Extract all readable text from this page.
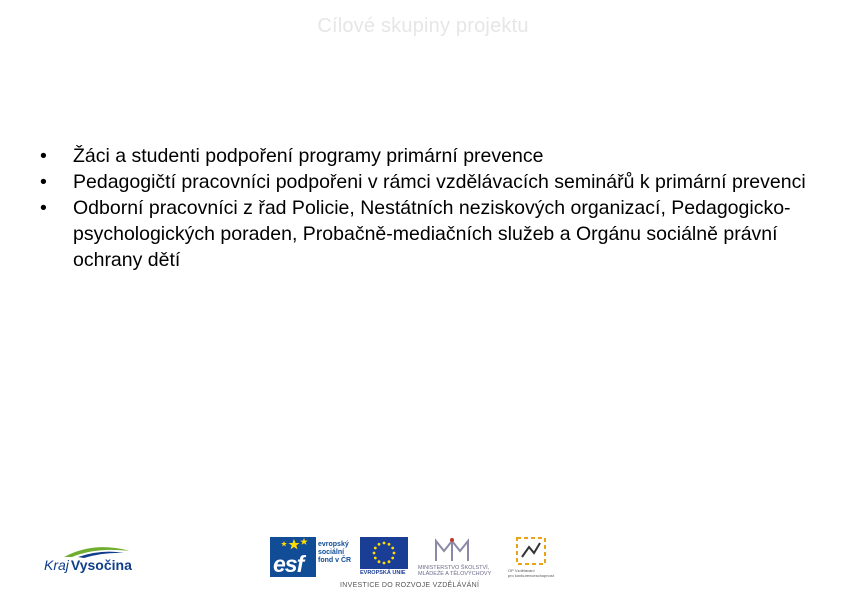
Cílové skupiny projektu
• Žáci a studenti podpoření programy primární prevence
• Pedagogičtí pracovníci podpořeni v rámci vzdělávacích seminářů k primární prevenci
• Odborní pracovníci z řad Policie, Nestátních neziskových organizací, Pedagogicko-psychologických poraden, Probačně-mediačních služeb a Orgánu sociálně právní ochrany dětí
Kraj Vysočina	esf
evropský
sociální
fond v ČR
EVROPSKÁ UNIE
MINISTERSTVO ŠKOLSTVÍ,
MLÁDEŽE A TĚLOVÝCHOVY
OP Vzdělávání
pro konkurenceschopnost
INVESTICE DO ROZVOJE VZDĚLÁVÁNÍ
